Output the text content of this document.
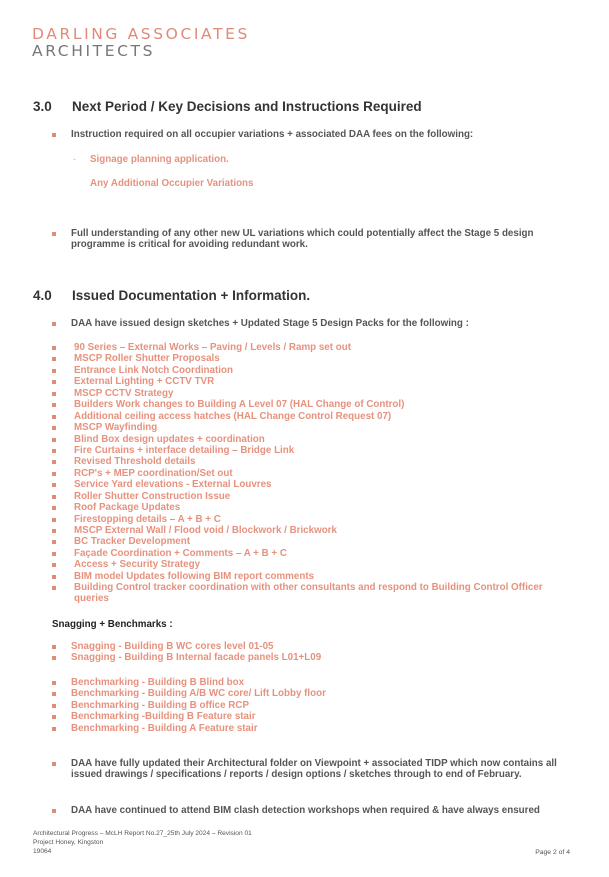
DARLING ASSOCIATES
ARCHITECTS
3.0 Next Period / Key Decisions and Instructions Required
Instruction required on all occupier variations + associated DAA fees on the following:
- Signage planning application.
Any Additional Occupier Variations
Full understanding of any other new UL variations which could potentially affect the Stage 5 design programme is critical for avoiding redundant work.
4.0 Issued Documentation + Information.
DAA have issued design sketches + Updated Stage 5 Design Packs for the following :
90 Series – External Works – Paving / Levels / Ramp set out
MSCP Roller Shutter Proposals
Entrance Link Notch Coordination
External Lighting + CCTV TVR
MSCP CCTV Strategy
Builders Work changes to Building A Level 07 (HAL Change of Control)
Additional ceiling access hatches (HAL Change Control Request 07)
MSCP Wayfinding
Blind Box design updates + coordination
Fire Curtains + interface detailing – Bridge Link
Revised Threshold details
RCP's + MEP coordination/Set out
Service Yard elevations - External Louvres
Roller Shutter Construction Issue
Roof Package Updates
Firestopping details – A + B + C
MSCP External Wall / Flood void / Blockwork / Brickwork
BC Tracker Development
Façade Coordination + Comments – A + B + C
Access + Security Strategy
BIM model Updates following BIM report comments
Building Control tracker coordination with other consultants and respond to Building Control Officer queries
Snagging + Benchmarks :
Snagging - Building B WC cores level 01-05
Snagging - Building B Internal facade panels L01+L09
Benchmarking - Building B Blind box
Benchmarking - Building A/B WC core/ Lift Lobby floor
Benchmarking - Building B office RCP
Benchmarking -Building B Feature stair
Benchmarking - Building A Feature stair
DAA have fully updated their Architectural folder on Viewpoint + associated TIDP which now contains all issued drawings / specifications / reports / design options / sketches through to end of February.
DAA have continued to attend BIM clash detection workshops when required & have always ensured
Architectural Progress – McLH Report No.27_25th July 2024 – Revision 01
Project Honey, Kingston
19064	Page 2 of 4
